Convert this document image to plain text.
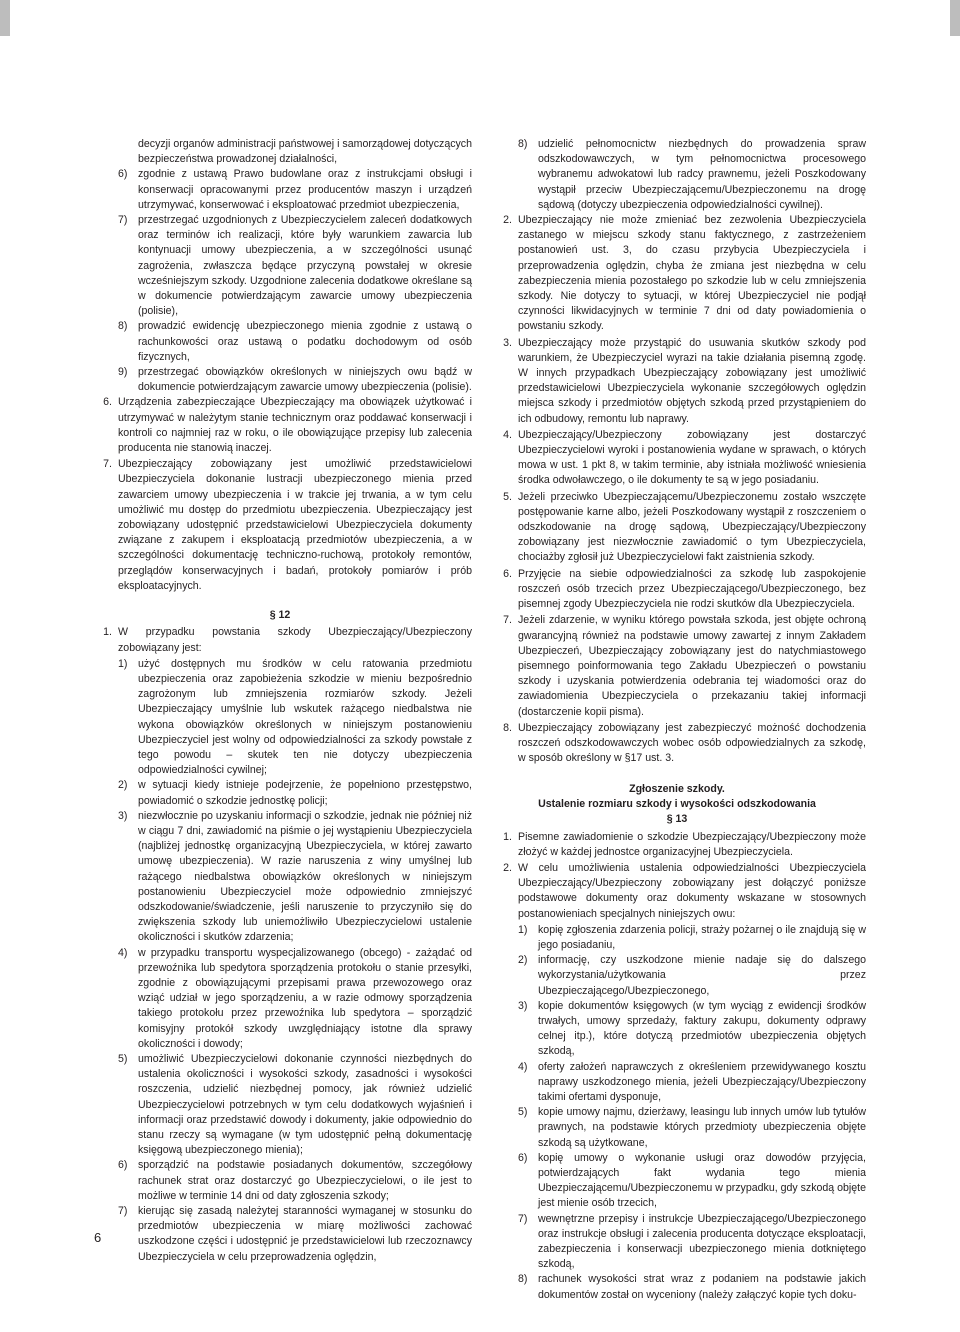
decyzji organów administracji państwowej i samorządowej dotyczących bezpieczeństwa prowadzonej działalności,
6) zgodnie z ustawą Prawo budowlane oraz z instrukcjami obsługi i konserwacji opracowanymi przez producentów maszyn i urządzeń utrzymywać, konserwować i eksploatować przedmiot ubezpieczenia,
7) przestrzegać uzgodnionych z Ubezpieczycielem zaleceń dodatkowych oraz terminów ich realizacji, które były warunkiem zawarcia lub kontynuacji umowy ubezpieczenia, a w szczególności usunąć zagrożenia, zwłaszcza będące przyczyną powstałej w okresie wcześniejszym szkody. Uzgodnione zalecenia dodatkowe określane są w dokumencie potwierdzającym zawarcie umowy ubezpieczenia (polisie),
8) prowadzić ewidencję ubezpieczonego mienia zgodnie z ustawą o rachunkowości oraz ustawą o podatku dochodowym od osób fizycznych,
9) przestrzegać obowiązków określonych w niniejszych owu bądź w dokumencie potwierdzającym zawarcie umowy ubezpieczenia (polisie).
6. Urządzenia zabezpieczające Ubezpieczający ma obowiązek użytkować i utrzymywać w należytym stanie technicznym oraz poddawać konserwacji i kontroli co najmniej raz w roku, o ile obowiązujące przepisy lub zalecenia producenta nie stanowią inaczej.
7. Ubezpieczający zobowiązany jest umożliwić przedstawicielowi Ubezpieczyciela dokonanie lustracji ubezpieczonego mienia przed zawarciem umowy ubezpieczenia i w trakcie jej trwania, a w tym celu umożliwić mu dostęp do przedmiotu ubezpieczenia. Ubezpieczający jest zobowiązany udostępnić przedstawicielowi Ubezpieczyciela dokumenty związane z zakupem i eksploatacją przedmiotów ubezpieczenia, a w szczególności dokumentację techniczno-ruchową, protokoły remontów, przeglądów konserwacyjnych i badań, protokoły pomiarów i prób eksploatacyjnych.
§ 12
1. W przypadku powstania szkody Ubezpieczający/Ubezpieczony zobowiązany jest:
1) użyć dostępnych mu środków w celu ratowania przedmiotu ubezpieczenia oraz zapobieżenia szkodzie w mieniu bezpośrednio zagrożonym lub zmniejszenia rozmiarów szkody. Jeżeli Ubezpieczający umyślnie lub wskutek rażącego niedbalstwa nie wykona obowiązków określonych w niniejszym postanowieniu Ubezpieczyciel jest wolny od odpowiedzialności za szkody powstałe z tego powodu – skutek ten nie dotyczy ubezpieczenia odpowiedzialności cywilnej;
2) w sytuacji kiedy istnieje podejrzenie, że popełniono przestępstwo, powiadomić o szkodzie jednostkę policji;
3) niezwłocznie po uzyskaniu informacji o szkodzie, jednak nie później niż w ciągu 7 dni, zawiadomić na piśmie o jej wystąpieniu Ubezpieczyciela (najbliżej jednostkę organizacyjną Ubezpieczyciela, w której zawarto umowę ubezpieczenia). W razie naruszenia z winy umyślnej lub rażącego niedbalstwa obowiązków określonych w niniejszym postanowieniu Ubezpieczyciel może odpowiednio zmniejszyć odszkodowanie/świadczenie, jeśli naruszenie to przyczyniło się do zwiększenia szkody lub uniemożliwiło Ubezpieczycielowi ustalenie okoliczności i skutków zdarzenia;
4) w przypadku transportu wyspecjalizowanego (obcego) - zażądać od przewoźnika lub spedytora sporządzenia protokołu o stanie przesyłki, zgodnie z obowiązującymi przepisami prawa przewozowego oraz wziąć udział w jego sporządzeniu, a w razie odmowy sporządzenia takiego protokołu przez przewoźnika lub spedytora – sporządzić komisyjny protokół szkody uwzględniający istotne dla sprawy okoliczności i dowody;
5) umożliwić Ubezpieczycielowi dokonanie czynności niezbędnych do ustalenia okoliczności i wysokości szkody, zasadności i wysokości roszczenia, udzielić niezbędnej pomocy, jak również udzielić Ubezpieczycielowi potrzebnych w tym celu dodatkowych wyjaśnień i informacji oraz przedstawić dowody i dokumenty, jakie odpowiednio do stanu rzeczy są wymagane (w tym udostępnić pełną dokumentację księgową ubezpieczonego mienia);
6) sporządzić na podstawie posiadanych dokumentów, szczegółowy rachunek strat oraz dostarczyć go Ubezpieczycielowi, o ile jest to możliwe w terminie 14 dni od daty zgłoszenia szkody;
7) kierując się zasadą należytej staranności wymaganej w stosunku do przedmiotów ubezpieczenia w miarę możliwości zachować uszkodzone części i udostępnić je przedstawicielowi lub rzeczoznawcy Ubezpieczyciela w celu przeprowadzenia oględzin,
8) udzielić pełnomocnictw niezbędnych do prowadzenia spraw odszkodowawczych, w tym pełnomocnictwa procesowego wybranemu adwokatowi lub radcy prawnemu, jeżeli Poszkodowany wystąpił przeciw Ubezpieczającemu/Ubezpieczonemu na drogę sądową (dotyczy ubezpieczenia odpowiedzialności cywilnej).
2. Ubezpieczający nie może zmieniać bez zezwolenia Ubezpieczyciela zastanego w miejscu szkody stanu faktycznego, z zastrzeżeniem postanowień ust. 3, do czasu przybycia Ubezpieczyciela i przeprowadzenia oględzin, chyba że zmiana jest niezbędna w celu zabezpieczenia mienia pozostałego po szkodzie lub w celu zmniejszenia szkody. Nie dotyczy to sytuacji, w której Ubezpieczyciel nie podjął czynności likwidacyjnych w terminie 7 dni od daty powiadomienia o powstaniu szkody.
3. Ubezpieczający może przystąpić do usuwania skutków szkody pod warunkiem, że Ubezpieczyciel wyrazi na takie działania pisemną zgodę. W innych przypadkach Ubezpieczający zobowiązany jest umożliwić przedstawicielowi Ubezpieczyciela wykonanie szczegółowych oględzin miejsca szkody i przedmiotów objętych szkodą przed przystąpieniem do ich odbudowy, remontu lub naprawy.
4. Ubezpieczający/Ubezpieczony zobowiązany jest dostarczyć Ubezpieczycielowi wyroki i postanowienia wydane w sprawach, o których mowa w ust. 1 pkt 8, w takim terminie, aby istniała możliwość wniesienia środka odwoławczego, o ile dokumenty te są w jego posiadaniu.
5. Jeżeli przeciwko Ubezpieczającemu/Ubezpieczonemu zostało wszczęte postępowanie karne albo, jeżeli Poszkodowany wystąpił z roszczeniem o odszkodowanie na drogę sądową, Ubezpieczający/Ubezpieczony zobowiązany jest niezwłocznie zawiadomić o tym Ubezpieczyciela, chociażby zgłosił już Ubezpieczycielowi fakt zaistnienia szkody.
6. Przyjęcie na siebie odpowiedzialności za szkodę lub zaspokojenie roszczeń osób trzecich przez Ubezpieczającego/Ubezpieczonego, bez pisemnej zgody Ubezpieczyciela nie rodzi skutków dla Ubezpieczyciela.
7. Jeżeli zdarzenie, w wyniku którego powstała szkoda, jest objęte ochroną gwarancyjną również na podstawie umowy zawartej z innym Zakładem Ubezpieczeń, Ubezpieczający zobowiązany jest do natychmiastowego pisemnego poinformowania tego Zakładu Ubezpieczeń o powstaniu szkody i uzyskania potwierdzenia odebrania tej wiadomości oraz do zawiadomienia Ubezpieczyciela o przekazaniu takiej informacji (dostarczenie kopii pisma).
8. Ubezpieczający zobowiązany jest zabezpieczyć możność dochodzenia roszczeń odszkodowawczych wobec osób odpowiedzialnych za szkodę, w sposób określony w §17 ust. 3.
Zgłoszenie szkody.
Ustalenie rozmiaru szkody i wysokości odszkodowania
§ 13
1. Pisemne zawiadomienie o szkodzie Ubezpieczający/Ubezpieczony może złożyć w każdej jednostce organizacyjnej Ubezpieczyciela.
2. W celu umożliwienia ustalenia odpowiedzialności Ubezpieczyciela Ubezpieczający/Ubezpieczony zobowiązany jest dołączyć poniższe podstawowe dokumenty oraz dokumenty wskazane w stosownych postanowieniach specjalnych niniejszych owu:
1) kopię zgłoszenia zdarzenia policji, straży pożarnej o ile znajdują się w jego posiadaniu,
2) informację, czy uszkodzone mienie nadaje się do dalszego wykorzystania/użytkowania przez Ubezpieczającego/Ubezpieczonego,
3) kopie dokumentów księgowych (w tym wyciąg z ewidencji środków trwałych, umowy sprzedaży, faktury zakupu, dokumenty odprawy celnej itp.), które dotyczą przedmiotów ubezpieczenia objętych szkodą,
4) oferty założeń naprawczych z określeniem przewidywanego kosztu naprawy uszkodzonego mienia, jeżeli Ubezpieczający/Ubezpieczony takimi ofertami dysponuje,
5) kopie umowy najmu, dzierżawy, leasingu lub innych umów lub tytułów prawnych, na podstawie których przedmioty ubezpieczenia objęte szkodą są użytkowane,
6) kopię umowy o wykonanie usługi oraz dowodów przyjęcia, potwierdzających fakt wydania tego mienia Ubezpieczającemu/Ubezpieczonemu w przypadku, gdy szkodą objęte jest mienie osób trzecich,
7) wewnętrzne przepisy i instrukcje Ubezpieczającego/Ubezpieczonego oraz instrukcje obsługi i zalecenia producenta dotyczące eksploatacji, zabezpieczenia i konserwacji ubezpieczonego mienia dotkniętego szkodą,
8) rachunek wysokości strat wraz z podaniem na podstawie jakich dokumentów został on wyceniony (należy załączyć kopie tych doku-
6
